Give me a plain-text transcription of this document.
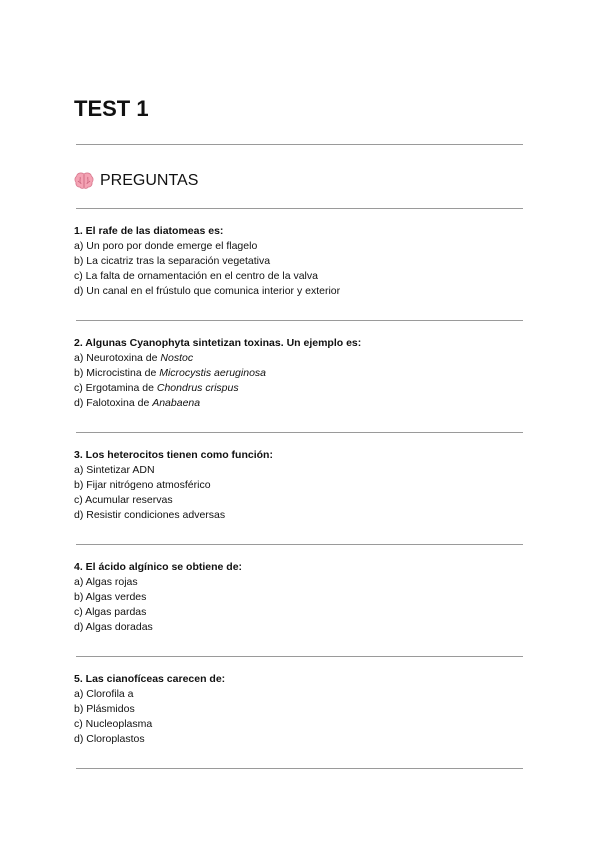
TEST 1
PREGUNTAS
1. El rafe de las diatomeas es:
a) Un poro por donde emerge el flagelo
b) La cicatriz tras la separación vegetativa
c) La falta de ornamentación en el centro de la valva
d) Un canal en el frústulo que comunica interior y exterior
2. Algunas Cyanophyta sintetizan toxinas. Un ejemplo es:
a) Neurotoxina de Nostoc
b) Microcistina de Microcystis aeruginosa
c) Ergotamina de Chondrus crispus
d) Falotoxina de Anabaena
3. Los heterocitos tienen como función:
a) Sintetizar ADN
b) Fijar nitrógeno atmosférico
c) Acumular reservas
d) Resistir condiciones adversas
4. El ácido algínico se obtiene de:
a) Algas rojas
b) Algas verdes
c) Algas pardas
d) Algas doradas
5. Las cianofíceas carecen de:
a) Clorofila a
b) Plásmidos
c) Nucleoplasma
d) Cloroplastos
